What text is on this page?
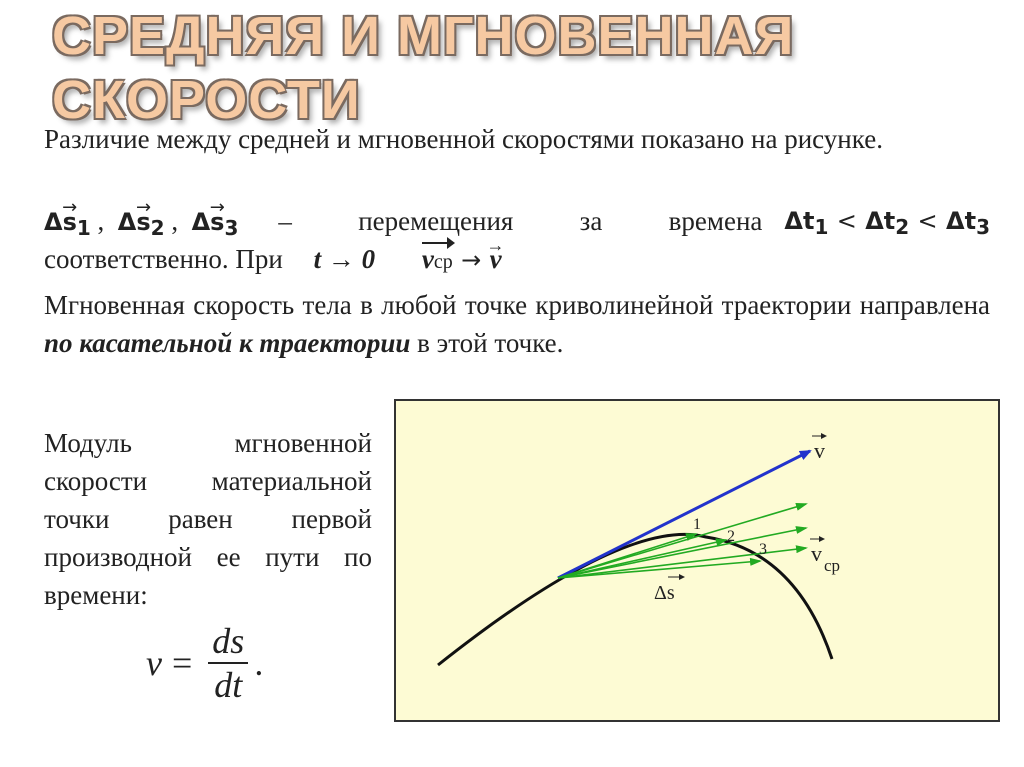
СРЕДНЯЯ И МГНОВЕННАЯ
СКОРОСТИ

Различие между средней и мгновенной скоростями показано на рисунке.

$\Delta\to s_1$ , $\Delta\to s_2$ , $\Delta\to s_3$ – перемещения за времена $\Delta t_1 < \Delta t_2 < \Delta t_3$
соответственно. При t → 0 vср → → v

Мгновенная скорость тела в любой точке криволинейной траектории направлена по касательной к траектории в этой точке.

Модуль мгновенной скорости материальной точки равен первой производной ее пути по времени:

$v = \frac{ds}{dt}$ .
v
v cp
Δs
1
2
3
